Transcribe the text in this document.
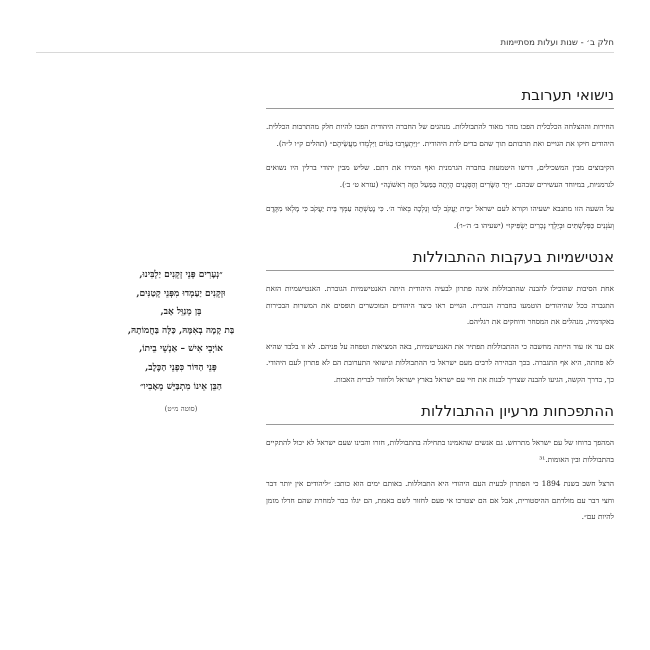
חלק ב׳ - שנות ועלות מסתיימות
נישואי תערובת

החירות וההצלחה הכלכלית הפכו מהר מאוד להתבוללות. מנהגים של החברה היהודית הפכו להיות חלק מהתרבות הכללית. היהודים חיקו את הגויים ואת תרבותם תוך שהם בדים לדת היהודית. ״וַיִּתְעָרְבוּ בַגּוֹיִם וַיִּלְמְדוּ מַעֲשֵׂיהֶם״ (תהלים ק״ו ל״ה).

הקיבוצים מבין המשכילים, דרשו היטמעות בחברה הגרמנית ואף המירו את דתם. שליש מבין יהודי ברלין היו נשואים לגרמניות, במיוחד העשירים שבהם. ״וְיַד הַשָּׂרִים וְהַסְּגָנִים הָיְתָה בַּמַּעַל הַזֶּה רִאשׁוֹנָה״ (עזרא ט׳ ב׳).

על השעה הזו מתנבא ישעיהו וקורא לעם ישראל ״בֵּית יַעֲקֹב לְכוּ וְנֵלְכָה בְּאוֹר ה׳. כִּי נָטַשְׁתָּה עַמְּךָ בֵּית יַעֲקֹב כִּי מָלְאוּ מִקֶּדֶם וְעֹנְנִים כַּפְּלִשְׁתִּים וּבְיַלְדֵי נָכְרִים יַשְׂפִּיקוּ״ (ישעיהו ב׳ ה׳-ו׳).

אנטישמיות בעקבות ההתבוללות

אחת הסיבות שהובילו להבנה שהתבוללות אינה פתרון לבעיה היהודית היתה האנטישמיות הגוברת. האנטישמיות הזאת התגברה ככל שהיהודים הוטמעו בחברה הנכרית. הגויים ראו כיצד היהודים המוכשרים תופסים את המשרות הבכירות באקדמיה, מנהלים את המסחר ודוחקים את רגליהם.

אם עד אז עוד הייתה מחשבה כי ההתבוללות תפתיר את האנטישמיות, באה המציאות וטפחה על פניהם. לא זו בלבד שהיא לא פחתה, היא אף התגברה. בכך הבהירה לרבים מעם ישראל כי ההתבוללות ונישואי התערובת הם לא פתרון לעם היהודי. כך, בדרך הקשה, הגיעו להבנה שצריך לבנות את חיי עם ישראל בארץ ישראל ולחזור לברית האבות.

ההתפכחות מרעיון ההתבוללות

המהפך ברוחו של עם ישראל מתרחש. גם אנשים שהאמינו בתחילה בהתבוללות, חזרו והבינו שעם ישראל לא יכול להתקיים בהתבוללות ובין האומות.³¹

הרצל חשב בשנת 1894 כי הפתרון לבעית העם היהודי היא התבוללות. באותם ימים הוא כותב: ״ליהודים אין יותר דבר וחצי דבר עם מולדתם ההיסטורית, אבל אם הם יצטרכו אי פעם לחזור לשם באמת, הם יגלו כבר למחרת שהם חדלו מזמן להיות עם״.

״נְעָרִים פְּנֵי זְקֵנִים יַלְבִּינוּ,
וּזְקֵנִים יַעַמְדוּ מִפְּנֵי קְטַנִּים,
בֵּן מְנַוֵּל אָב,
בַּת קָמָה בְאִמָּהּ, כַּלָּה בַּחֲמוֹתָהּ,
אוֹיְבֵי אִישׁ – אַנְשֵׁי בֵיתוֹ,
פְּנֵי הַדּוֹר כִּפְנֵי הַכֶּלֶב,
הַבֵּן אֵינוֹ מִתְבַּיֵּשׁ מֵאָבִיו״
(סוטה מ״ט)
